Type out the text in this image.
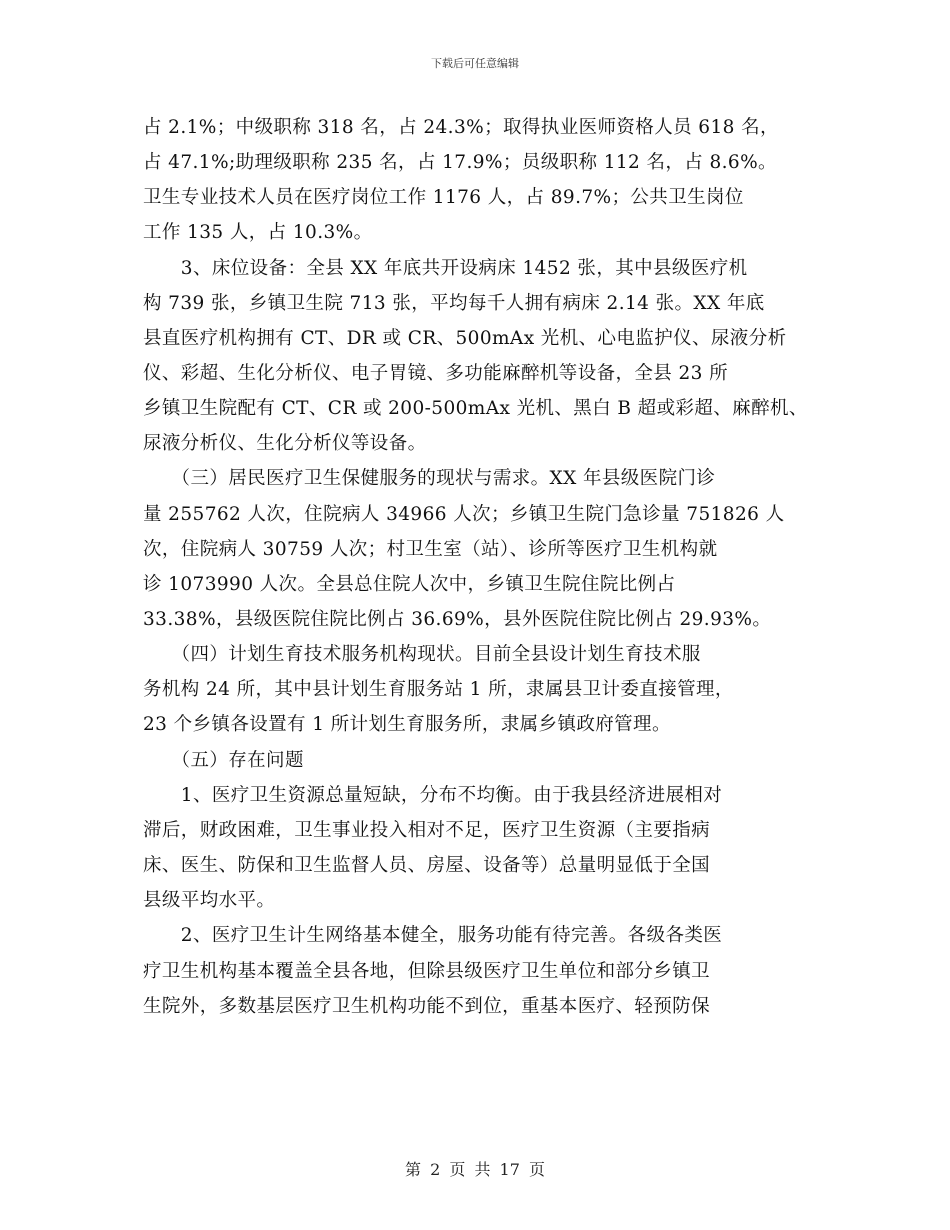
下载后可任意编辑
占 2.1%；中级职称 318 名，占 24.3%；取得执业医师资格人员 618 名，
占 47.1%;助理级职称 235 名，占 17.9%；员级职称 112 名，占 8.6%。
卫生专业技术人员在医疗岗位工作 1176 人，占 89.7%；公共卫生岗位
工作 135 人，占 10.3%。
　　3、床位设备：全县 XX 年底共开设病床 1452 张，其中县级医疗机
构 739 张，乡镇卫生院 713 张，平均每千人拥有病床 2.14 张。XX 年底
县直医疗机构拥有 CT、DR 或 CR、500mAx 光机、心电监护仪、尿液分析
仪、彩超、生化分析仪、电子胃镜、多功能麻醉机等设备，全县 23 所
乡镇卫生院配有 CT、CR 或 200-500mAx 光机、黑白 B 超或彩超、麻醉机、
尿液分析仪、生化分析仪等设备。
　　（三）居民医疗卫生保健服务的现状与需求。XX 年县级医院门诊
量 255762 人次，住院病人 34966 人次；乡镇卫生院门急诊量 751826 人
次，住院病人 30759 人次；村卫生室（站）、诊所等医疗卫生机构就
诊 1073990 人次。全县总住院人次中，乡镇卫生院住院比例占
33.38%，县级医院住院比例占 36.69%，县外医院住院比例占 29.93%。
　　（四）计划生育技术服务机构现状。目前全县设计划生育技术服
务机构 24 所，其中县计划生育服务站 1 所，隶属县卫计委直接管理，
23 个乡镇各设置有 1 所计划生育服务所，隶属乡镇政府管理。
　　（五）存在问题
　　1、医疗卫生资源总量短缺，分布不均衡。由于我县经济进展相对
滞后，财政困难，卫生事业投入相对不足，医疗卫生资源（主要指病
床、医生、防保和卫生监督人员、房屋、设备等）总量明显低于全国
县级平均水平。
　　2、医疗卫生计生网络基本健全，服务功能有待完善。各级各类医
疗卫生机构基本覆盖全县各地，但除县级医疗卫生单位和部分乡镇卫
生院外，多数基层医疗卫生机构功能不到位，重基本医疗、轻预防保
第 2 页 共 17 页
